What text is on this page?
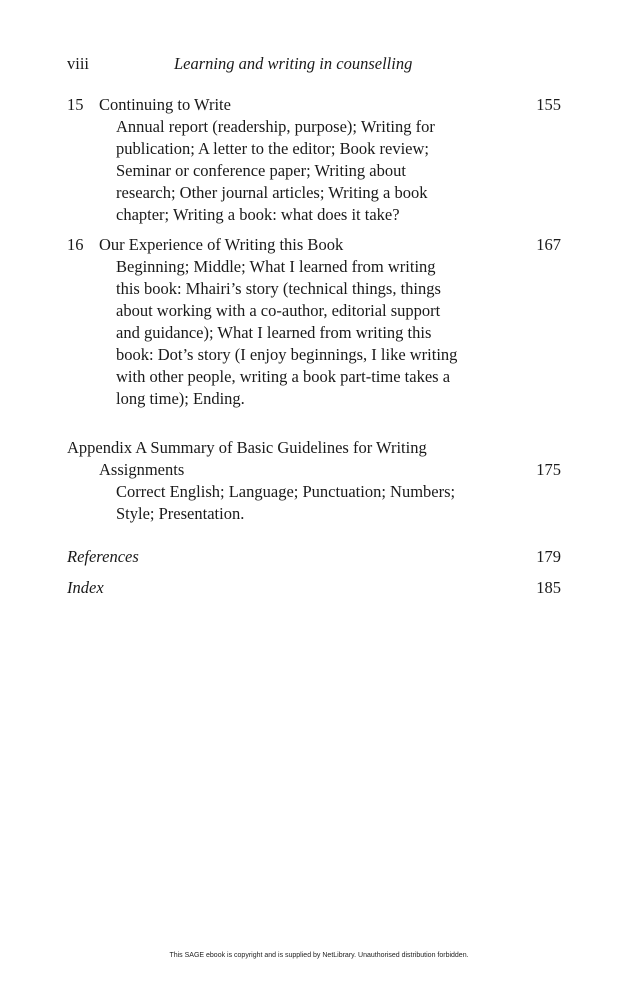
viii	Learning and writing in counselling
15 Continuing to Write	155
Annual report (readership, purpose); Writing for
publication; A letter to the editor; Book review;
Seminar or conference paper; Writing about
research; Other journal articles; Writing a book
chapter; Writing a book: what does it take?
16 Our Experience of Writing this Book	167
Beginning; Middle; What I learned from writing
this book: Mhairi’s story (technical things, things
about working with a co-author, editorial support
and guidance); What I learned from writing this
book: Dot’s story (I enjoy beginnings, I like writing
with other people, writing a book part-time takes a
long time); Ending.
Appendix A Summary of Basic Guidelines for Writing
Assignments	175
Correct English; Language; Punctuation; Numbers;
Style; Presentation.
References	179
Index	185
This SAGE ebook is copyright and is supplied by NetLibrary. Unauthorised distribution forbidden.
